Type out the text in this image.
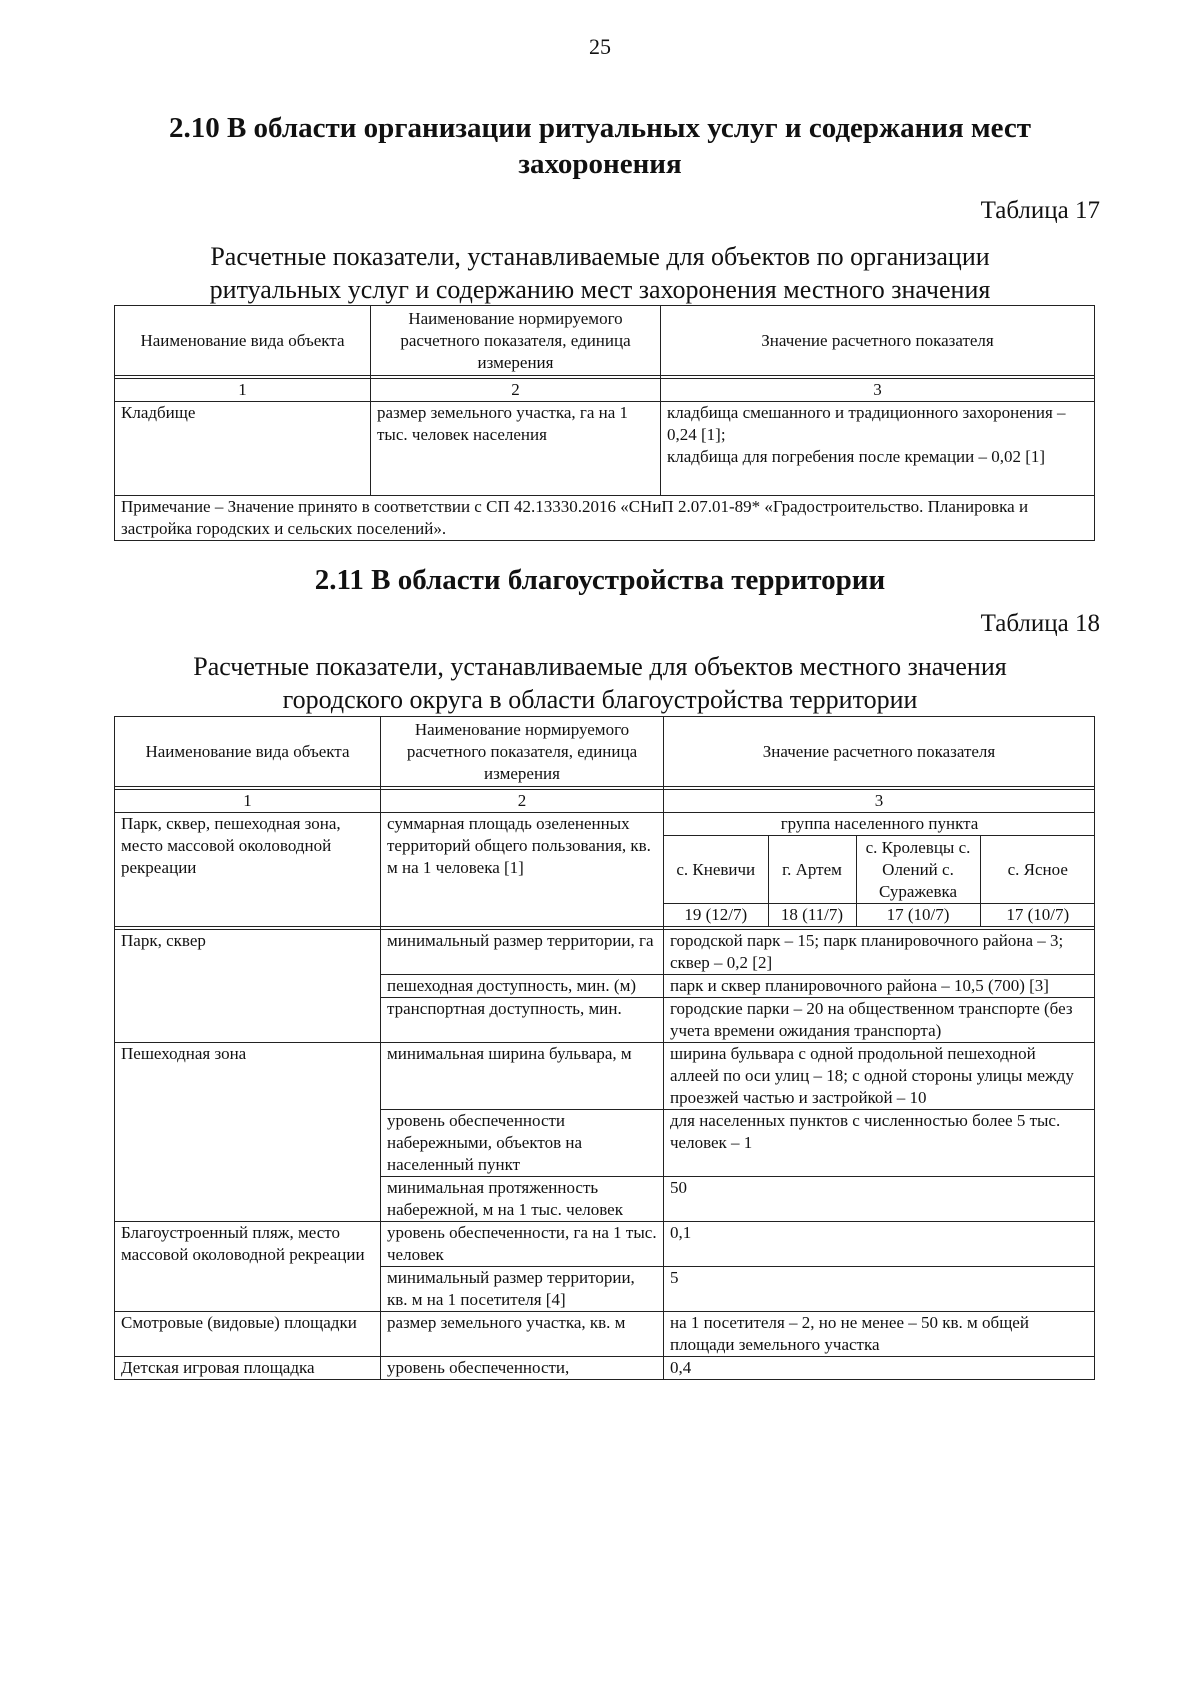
25
2.10 В области организации ритуальных услуг и содержания мест
захоронения
Таблица 17
Расчетные показатели, устанавливаемые для объектов по организации
ритуальных услуг и содержанию мест захоронения местного значения
Наименование вида объекта	Наименование нормируемого расчетного показателя, единица измерения	Значение расчетного показателя

1	2	3
Кладбище	размер земельного участка, га на 1 тыс. человек населения	кладбища смешанного и традиционного захоронения – 0,24 [1];
кладбища для погребения после кремации – 0,02 [1]

Примечание – Значение принято в соответствии с СП 42.13330.2016 «СНиП 2.07.01-89* «Градостроительство. Планировка и застройка городских и сельских поселений».		
2.11 В области благоустройства территории
Таблица 18
Расчетные показатели, устанавливаемые для объектов местного значения
городского округа в области благоустройства территории
Наименование вида объекта	Наименование нормируемого расчетного показателя, единица измерения	Значение расчетного показателя

1	2	3
Парк, сквер, пешеходная зона, место массовой околоводной рекреации	суммарная площадь озелененных территорий общего пользования, кв. м на 1 человека [1]	
группа населенного пункта
с. Кневичи	г. Артем	с. Кролевцы с. Олений с. Суражевка	с. Ясное
19 (12/7)	18 (11/7)	17 (10/7)	17 (10/7)

Парк, сквер	минимальный размер территории, га	городской парк – 15; парк планировочного района – 3; сквер – 0,2 [2]
пешеходная доступность, мин. (м)	парк и сквер планировочного района – 10,5 (700) [3]
транспортная доступность, мин.	городские парки – 20 на общественном транспорте (без учета времени ожидания транспорта)
Пешеходная зона	минимальная ширина бульвара, м	ширина бульвара с одной продольной пешеходной аллеей по оси улиц – 18; с одной стороны улицы между проезжей частью и застройкой – 10
уровень обеспеченности набережными, объектов на населенный пункт	для населенных пунктов с численностью более 5 тыс. человек – 1
минимальная протяженность набережной, м на 1 тыс. человек	50
Благоустроенный пляж, место массовой околоводной рекреации	уровень обеспеченности, га на 1 тыс. человек	0,1
минимальный размер территории, кв. м на 1 посетителя [4]	5
Смотровые (видовые) площадки	размер земельного участка, кв. м	на 1 посетителя – 2, но не менее – 50 кв. м общей площади земельного участка
Детская игровая площадка	уровень обеспеченности,	0,4
